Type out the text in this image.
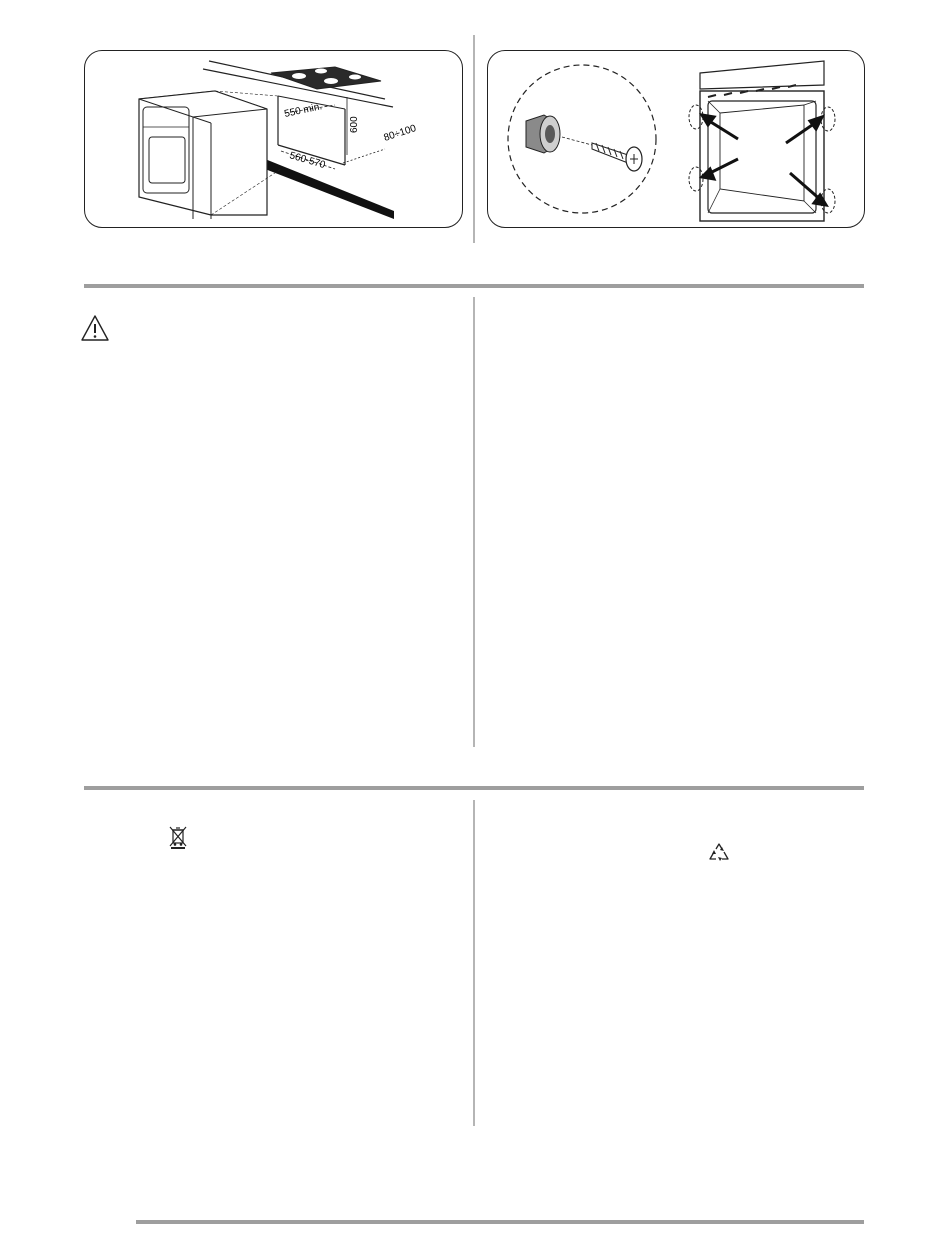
550 min.
600
560-570
80÷100
